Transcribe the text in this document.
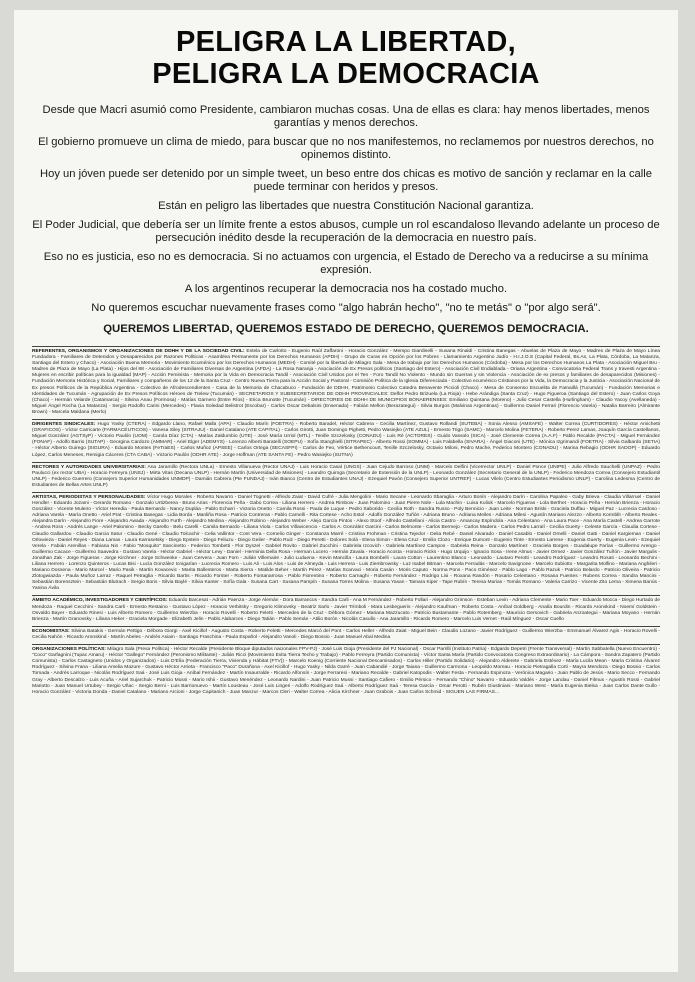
PELIGRA LA LIBERTAD,
PELIGRA LA DEMOCRACIA

Desde que Macri asumió como Presidente, cambiaron muchas cosas. Una de ellas es clara: hay menos libertades, menos garantías y menos derechos.

El gobierno promueve un clima de miedo, para buscar que no nos manifestemos, no reclamemos por nuestros derechos, no opinemos distinto.

Hoy un jóven puede ser detenido por un simple tweet, un beso entre dos chicas es motivo de sanción y reclamar en la calle puede terminar con heridos y presos.

Están en peligro las libertades que nuestra Constitución Nacional garantiza.

El Poder Judicial, que debería ser un límite frente a estos abusos, cumple un rol escandaloso llevando adelante un proceso de persecución inédito desde la recuperación de la democracia en nuestro país.

Eso no es justicia, eso no es democracia. Si no actuamos con urgencia, el Estado de Derecho va a reducirse a su mínima expresión.

A los argentinos recuperar la democracia nos ha costado mucho.

No queremos escuchar nuevamente frases como "algo habrán hecho", "no te metás" o "por algo será".

QUEREMOS LIBERTAD, QUEREMOS ESTADO DE DERECHO, QUEREMOS DEMOCRACIA.

REFERENTES, ORGANISMOS Y ORGANIZACIONES DE DDHH Y DE LA SOCIEDAD CIVIL: Estela de Carlotto - Eugenio Raúl Zaffaroni - Horacio González - Mempo Giardinelli - Susana Rinaldi - Cristina Banegas - Abuelas de Plaza de Mayo - Madres de Plaza de Mayo Línea Fundadora - Familiares de Detenidos y Desaparecidos por Razones Políticas - Asamblea Permanente por los Derechos Humanos (APDH) - Grupo de Curas en Opción por los Pobres - Llamamiento Argentino Judío - H.I.J.O.S (Capital Federal, Bs.As, La Plata, Córdoba, La Matanza, Santiago del Estero y Chaco) - Asociación Buena Memoria - Movimiento Ecuménico por los Derechos Humanos (MEDH) - Comité por la libertad de Milagro Sala - Mesa de trabajo por los Derechos Humanos (Córdoba) - Mesa por los Derechos Humanos La Plata - Asociación Miguel Bru - Madres de Plaza de Mayo (La Plata) - Hijos del 88 - Asociación de Familiares Diversas de Argentina (AFDA) - La Rosa Naranja - Asociación de Ex Presos políticos (Santiago del Estero) - Asociación Civil Endiablada - Oriana Argentina - Convocatoria Federal Trans y travesti Argentina - Mujeres en escribir políticas para la igualdad (MAP) - Acción Feminista - Memoria por la Vida en Democracia Tandil - Asociación Civil Unidos por el Ten - Foro Tandil No Violento - Mundo sin Guerras y sin Violencia - Asociación de ex presos y familiares de desaparecidos (Misiones) - Fundación Memoria Histórica y Social, Familiares y compañeros de los 12 de la Santa Cruz - Centro Nueva Tierra para la Acción Social y Pastoral - Comisión Política de la Iglesia Diferenciada - Colectivo ecuménico Cristianos por la Vida, la Democracia y la Justicia - Asociación Nacional de Ex presos Políticos de la República Argentina - Colectivo de Afrodescendientes - Casa de la Memoria de Chacabuco - Fundación de DDHH, Patrimonio Colectivo Catedra Benavente Piccioli (Chaco) - Mesa de Consenso Escuelita de Famaillá (Tucumán) - Fundación Memorias e Identidades de Tucumán - Agrupación de Ex Presos Políticos Héroes de Trelew (Tucumán) - SECRETARIOS Y SUBSECRETARIOS DE DDHH PROVINCIALES: Delfor Pedro Brizuela (La Rioja) - Hebe Arándiga (Santa Cruz) - Hugo Figueroa (Santiago del Estero) - Juan Carlos Goya (Chaco) - Hermán Velarde (Catamarca) - Silvina Anau (Formosa) - Matías Garnero (Entre Ríos) - Erica Brunotte (Tucumán) - DIRECTORES DE DDHH DE MUNICIPIOS BONAERENSES: Emiliano Quintana (Moreno) - Julio Cesar Castella (Hurlingham) - Claudio Yacoy (Avellaneda) - Miguel Ángel Rocha (La Matanza) - Sergio Rodolfo Carini (Mercedes) - Flavia Soledad Belistrot (Escobar) - Carlos Oscar Debalsini (Ensenada) - Fabián Mellon (Berazategui) - Silvia Burgos (Malvinas Argentinas) - Guillermo Daniel Ferrari (Florencio Varela) - Natalia Barreiro (Almirante Brown) - Marcela Maldana (Merlo)
DIRIGENTES SINDICALES: Hugo Yasky (CTERA) - Edgardo Llano, Rafael Malla (APA) - Claudio Marín (FOETRA) - Roberto Baradel, Héctor Cabrera - Cecilia Martínez, Gustavo Rollandi (SUTEBA) - Sonia Alesso (AMSAFE) - Walter Correa (CURTIDORES) - Héctor Amichetti (GRAFICOS) - Víctor Carricarte (FARMACÉUTICOS) - Vanesa Siley (SITRAJU) - Daniel Catalano (ATE CAPITAL) - Carlos Girotti, Juan Domingo Pighetti, Pedro Wasiejko (ATE AZUL) - Ernesto Trigo (SAMC) - Marcelo Molina (FETERA) - Roberto Perez Lamas, Joaquín García Castellanos, Miguel González (AGTSyP) - Victorio Paulón (UOM) - Carola Díaz (CTA) - Matías Zaldumbio (UTE) - José María Urriol (MTL) - Tenille Szczelosky (CONADU) - Luis Ré (ACTORES) - Guido Vassolo (SICA) - José Clemente Correa (A.A.F) - Pablo Recalde (PACTA) - Miguel Fernández (FONAF) - Adolfo Barrio (SUTAP) - Georgina Cardozo (AMMAR) - Ariel Elger (ADEMYS) - Lorenzo Alberti Baratelli (SOEPU) - Sofía Stanghielli (SITRAPEC) - Alberto Rossi (SOMMA) - Luis Falabella (SIVARA) - Ángel Giaconi (UTE) - Mónica Izgrimandi (FOETRA) - Silvia Galbardo (SETIA) - Héctor Alberto Guirego (SIGURA) - Eduardo Montes (FeTraES) - Carlos Muñoz (APSEE) - Carlos Ortega (SECASFPI) - Carlos de Feo, Vértice Bethencourt, Tenille Szczelosky, Octavio Miloni, Pedro Mache, Federico Montero (CONADU) - Marina Rebagio (ODHR SADOP) - Eduardo López, Carlos Meneses, Remigia Cáceres (CTA CABA) - Victorio Paulón (ODHR ATE) - Jorge Hoffman (ATE SANTA FE) - Pedro Wasiejko (SUTNA)
RECTORES Y AUTORIDADES UNIVERSITARIAS: Ana Jaramillo (Rectora UNLa) - Ernesto Villanueva (Rector UNAJ) - Luis Horacio Casal (UNGS) - Juan Cejudo Barroso (UNM) - Marcelo Delfini (Vicerrector UNLP) - Daniel Ponce (UNIPE) - Julio Alfredo Sauchelli (UNPAZ) - Pedro Paulucci (ex rector UBA) - Horacio Ferreyra (UNSJ) - Mirta Vitas (Decana UNLP) - Hernán Martín (Universidad de Misiones) - Leandro Quiroga (Secretario de Extensión de la UNLP) - Leonardo González (Secretario General de la UNLP) - Federico Mendoza Correa (Consejero Estudiantil UNLP) - Federico Guerrero (Consejero Superior Humanidades UNMDP) - Damián Cabrera (Pte FUNDAJ) - Iván Bianco (Centro de Estudiantes UNAJ) - Ezequiel Pavón (Consejero Superior UNTREF) - Lucas Vilelo (Centro Estudiantes Periodismo UNLP) - Carolina Ledesma (Centro de Estudiantes de Bellas Artes UNLP)
ARTISTAS, PERIODISTAS Y PERSONALIDADES: Víctor Hugo Morales - Roberto Navarro - Daniel Tognetti - Alfredo Zaiat - David Cufré - Julia Mengolini - Mario Secane - Leonardo Sbaraglia - Arturo Bonín - Alejandro Darín - Carolina Papaleo - Gaby Brieva - Claudia Villarruel - Daniel Hendler - Eduardo Jozami - Gerardo Romano - Gonzalo Urtizberea - Bruno Arias - Florencia Peña - Gabo Correa - Liliana Herrero - Andrea Rimbow - Juan Palomino - Juan Pierre Nole - Lula Machin - Luisa Kuliok - Marcelo Figueras - Lola Berthet - Horacio Peña - Hernán Brienza - Horacio González - Vicente Muleiro - Víctor Heredia - Paula Bernardo - Nancy Dupláa - Pablo Echarri - Victoria Onetto - Camila Rossi - Paula de Luque - Pedro Saborido - Cecilia Roth - Sandra Russo - Poly Bennicio - Juan Leite - Norman Briski - Graciela Duffau - Miguel Paz - Lucrecia Cardoso - Adriana Varela - María Onetto - Ariel Prat - Cristina Banegas - Lidia Borda - Manliña Rosa - Patricio Contreras - Pablo Carnelli - Rita Cortese - Acho Estol - Adolfo González Tuñón - Adriana Bruno - Adriana Meiles - Adriana Milesi - Agustín Mariano Alezzo - Alberto Kormblit - Alberto Reales - Alejandra Darín - Alejandro Fiore - Alejandro Awada - Alejandro Furth - Alejandro Medina - Alejandro Robino - Alejandro Weber - Alejo García Pintos - Alexo Stoof - Alfredo Castellani - Alicia Castro - Amancay Espíndola - Ana Celentano - Ana Laura Pace - Ana María Castell - Andrea Garrote - Andrea Ross - Andrés Lange - Ariel Palomino - Becky Garello - Belu Carelli - Camila Bernardo - Liliana Viola - Carlos Villavicencio - Carlos A. González Garcini - Carlos Belmonte - Carlos Bermejo - Carlos Madera - Carlos Pedro Larralí - Cecilia Guerty - Celeste García - Claudia Cortese - Claudio Gallardou - Claudio Garcia Satur - Claudio Gené - Claudio Tolcachir - Celia Vallintor - Cont Vera - Cornelio Ginger - Constanza Marré - Cristina Frohman - Cristina Tejedor - Delia Rebé - Daniel Alvarado - Daniel Casablo - Daniel Omelli - Daniel Gatti - Daniel Kargieman - Daniel Orlowieza - Daniel Reyes - Diana Lamas - Laura Karrasetsky - Diego Epstein - Diego Feliuzu - Diego Geiler - Pablo Ruiz - Diego Peretti - Dolores Solá - Elena Simon - Elena Cruz - Emilio Clozo - Enrique Dumont - Eugenio Tinte - Ernesto Larrese - Eugenia Guerty - Eugenia Levin - Ezequiel Verela - Fabián Arenillas - Fabiana Nin - Fabio "Mosquito" Sancinetto - Federico Tombetti - Flor Dyszel - Gabriel Rovito - Gabriel Zucchini - Gabriela Izcovich - Gabriela Martínez Campos - Gabriela Reina - Gonzalo Martínez - Graciela Borges - Guadalupe Farías - Guillermo Arengo - Guillermo Cacace - Guillermo Saavedra - Gustavo Varela - Héctor Gabriel - Héctor Levy - Daniel - Herminia Della Rosa - Herman Lucero - Hernán Zavala - Horacio Acosta - Horacio Ricks - Hugo Urquijo - Ignacio Sosa - Irene Almus - Javier Ormez - Javier González Tuñón - Javier Margulis - Jonathan Zak - Jorge Figueras - Jorge Kirchner - Jorge Schwenke - Juan Cervera - Juan Forn - Julián Villemaire - Julio Luduena - Kevin Mancilla - Laura Bombelli - Laura Cotton - Laurentino Blanco - Leonardo - Lautaro Perotti - Leandro Rodríguez - Leandro Rosati - Leonardo Bechini - Liliana Herrero - Lorenzo Quinteros - Lucas Bisi - Lucía González Icnigarían - Lucrecia Romero - Luis Ali - Luis Alos - Luis de Almeyda - Luis Herrera - Luis Ziembrowsky - Luz Isabel Bitman - Marcela Ferradás - Marcelo Savignone - Marcelo Subiotto - Margarita Molfino - Mariana Anghileri - Mariano Dossena - Mario Marcel - Mario Pasik - Martín Kovacevic - Marita Ballesteros - Marta Sierra - Matilde Beher - Martín Pérez - Matías Scarvaci - Moria Casán - Moris Caputo - Norma Pons - Paco Giménez - Pablo Lago - Pablo Razuk - Patricio Belardo - Patricio Oliveira - Patricio Zlotogwiazda - Paula Muñoz Larraz - Raquel Petraglia - Ricardo Bartis - Ricardo Forster - Roberto Fontanarrosa - Pablo Fiorentino - Roberto Carnaghi - Roberto Fernández - Rodrigo Lisi - Roxana Randón - Rosario Celentano - Rosana Fuentes - Rubens Correa - Sandra Mancini - Sebastián Borensztein - Sebastián Blutrach - Sergio Boris - Silvia Baylé - Silvia Kanter - Sofía Gala - Susana Cart - Susana Pampín - Susana Torres Molina - Susana Yasan - Tamara Kiper - Tape Rubín - Teresa Murias - Tomás Romano - Valeria Carrizo - Vicente Zito Lema - Ximena Banús - Yanina Ávila
ÁMBITO ACADÉMICO, INVESTIGADORES Y CIENTÍFICOS: Eduardo Barcesat - Adrián Paenza - Jorge Alemán - Dora Barrancos - Sandra Carli - Ana M Fernández - Roberto Follari - Alejandro Grimson - Esteban Levin - Adriana Clemente - Mario Toer - Eduardo Mocca - Diego Hurtado de Mendoza - Raquel Cecchini - Sandra Carli - Ernesto Restaino - Gustavo López - Horacio Verbitsky - Gregorio Klimovsky - Beatriz Sarlo - Javier Trímboli - Mara Lesbegueris - Alejandro Kaufman - Roberto Costa - Aníbal Goldberg - Analía Bourdin - Ricardo Aronskind - Noemí Goldstein - Osvaldo Bayer - Eduardo Rinesi - Luis Alberto Romero - Guillermo Wierzba - Horacio Rovelli - Roberto Feletti - Mercedes de la Cruz - Débora Gómez - Mariana Mazzucato - Patricio Bustamante - Pablo Rotemberg - Mauricio Gersovich - Gabriela Anzoategui - Mariana Moyano - Hernán Brienza - Martín Granovsky - Liliana Heker - Graciela Morgade - Elizabeth Jelin - Pablo Alabarces - Diego Tatián - Pablo Semán - Atilio Borón - Nicolás Casullo - Ana Jaramillo - Ricardo Romero - Marcelo Luis Vernet - Raúl Mínguez - Oscar Cuello
ECONOMISTAS: Silvina Batakis - Germán Pettigo - Débora Giorgi - Axel Kicillof - Augusto Costa - Roberto Feletti - Mercedes Marcó del Pont - Carlos Heller - Alfredo Zaiat - Miguel Bein - Claudio Lozano - Javier Rodríguez - Guillermo Wierzba - Emmanuel Álvarez Agis - Horacio Rovelli - Cecilia Nahón - Ricardo Aronskind - Martín Abeles - Andrés Asiain - Santiago Fraschina - Paula Español - Alejandro Vanoli - Diego Bossio - Juan Manuel Abal Medina
ORGANIZACIONES POLÍTICAS: Milagro Sala (Presa Política) - Héctor Recalde (Presidente Bloque diputados nacionales FPV-PJ) - José Luis Gioja (Presidente del PJ Nacional) - Oscar Parrilli (Instituto Patria) - Edgardo Depetri (Frente Transversal) - Martín Sabbatella (Nuevo Encuentro) - "Coco" Garfagnini (Tupac Amaru) - Héctor "Gallego" Fernández (Peronismo Militante) - Julián Ricci (Movimiento Evita Tierra Techo y Trabajo) - Pablo Ferreyra (Partido Comunista) - Víctor Santa María (Partido Convocatoria Congreso Extraordinario) - La Cámpora - Sandra Zapatero (Partido Comunista) - Carlos Castagneto (Unidos y Organizados) - Luis D'Elía (Federación Tierra, Vivienda y Hábitat (FTV)) - Marcelo Koenig (Corriente Nacional Descamisados) - Carlos Hiller (Partido Solidario) - Alejandro Alderete - Gabriela Estévez - María Lucila Mean - María Cristina Álvarez Rodríguez - Silvina Frana - Liliana Amelia Mazure - Gustavo Héctor Arrieta - Francisco "Paco" Durañona - Axel Kicillof - Hugo Yasky - Nilda Garré - Juan Cabandié - Jorge Taiana - Guillermo Carmona - Leopoldo Moreau - Horacio Pietragalla Corti - Mayra Mendoza - Diego Bossio - Carlos Tomada - Andrés Larroque - Nicolás Rodríguez Saá - José Luis Gioja - Aníbal Fernández - Martín Insaurralde - Ricardo Alfonsín - Jorge Ferraresi - Mariano Recalde - Gabriel Katopodis - Walter Festa - Fernando Espinoza - Verónica Magario - Juan Pablo de Jesús - Mario Secco - Fernando Gray - Alberto Descalzo - Luis Acuña - Ariel Sujarchuk - Patricio Mussi - Mario Ishii - Gustavo Menéndez - Leonardo Nardini - Juan Patricio Mussi - Santiago Cafiero - Emilio Pérsico - Fernando "Chino" Navarro - Eduardo Valdés - Jorge Landau - Daniel Filmus - Agustín Rossi - Gabriel Mariotto - Juan Manuel Urtubey - Sergio Uñac - Sergio Berni - Luis Barrionuevo - Martín Lousteau - José Luis Lingeri - Adolfo Rodríguez Saá - Alberto Rodríguez Saá - Teresa García - Omar Perotti - Rubén Giustiniani - Mariano West - María Eugenia Bielsa - Juan Carlos Dante Gullo - Horacio González - Victoria Donda - Daniel Catalano - Mariano Arcioni - Jorge Capitanich - Juan Manzur - Marcos Cleri - Walter Correa - Alicia Kirchner - Juan Grabois - Juan Carlos Schmid - SIGUEN LAS FIRMAS...
